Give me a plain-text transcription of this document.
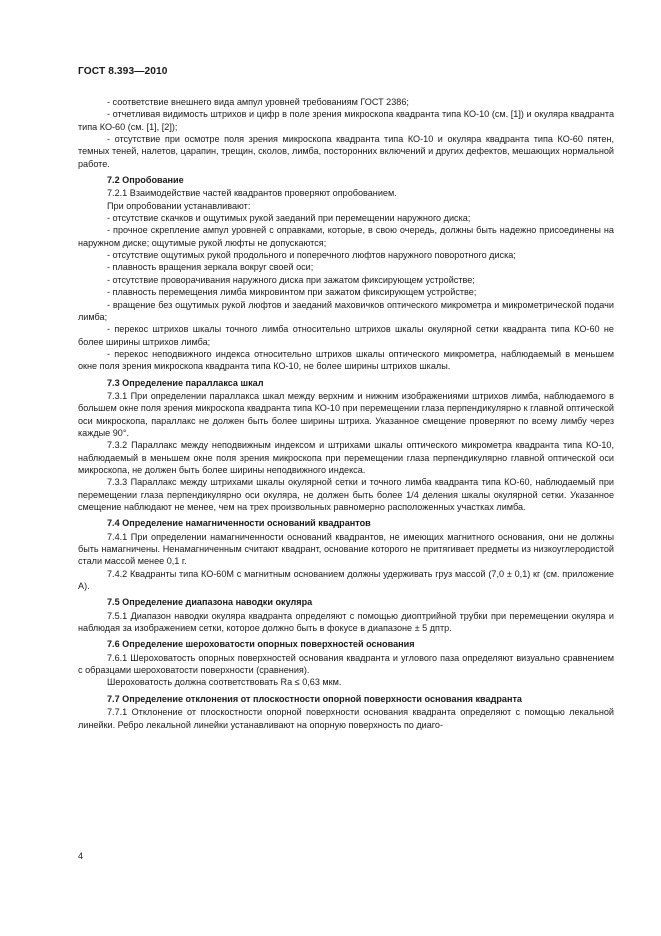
ГОСТ 8.393—2010

- соответствие внешнего вида ампул уровней требованиям ГОСТ 2386;

- отчетливая видимость штрихов и цифр в поле зрения микроскопа квадранта типа КО-10 (см. [1]) и окуляра квадранта типа КО-60 (см. [1], [2]);

- отсутствие при осмотре поля зрения микроскопа квадранта типа КО-10 и окуляра квадранта типа КО-60 пятен, темных теней, налетов, царапин, трещин, сколов, лимба, посторонних включений и других дефектов, мешающих нормальной работе.

7.2 Опробование

7.2.1 Взаимодействие частей квадрантов проверяют опробованием.

При опробовании устанавливают:

- отсутствие скачков и ощутимых рукой заеданий при перемещении наружного диска;

- прочное скрепление ампул уровней с оправками, которые, в свою очередь, должны быть надежно присоединены на наружном диске; ощутимые рукой люфты не допускаются;

- отсутствие ощутимых рукой продольного и поперечного люфтов наружного поворотного диска;

- плавность вращения зеркала вокруг своей оси;

- отсутствие проворачивания наружного диска при зажатом фиксирующем устройстве;

- плавность перемещения лимба микровинтом при зажатом фиксирующем устройстве;

- вращение без ощутимых рукой люфтов и заеданий маховичков оптического микрометра и микрометрической подачи лимба;

- перекос штрихов шкалы точного лимба относительно штрихов шкалы окулярной сетки квадранта типа КО-60 не более ширины штрихов лимба;

- перекос неподвижного индекса относительно штрихов шкалы оптического микрометра, наблюдаемый в меньшем окне поля зрения микроскопа квадранта типа КО-10, не более ширины штрихов шкалы.

7.3 Определение параллакса шкал

7.3.1 При определении параллакса шкал между верхним и нижним изображениями штрихов лимба, наблюдаемого в большем окне поля зрения микроскопа квадранта типа КО-10 при перемещении глаза перпендикулярно к главной оптической оси микроскопа, параллакс не должен быть более ширины штриха. Указанное смещение проверяют по всему лимбу через каждые 90°.

7.3.2 Параллакс между неподвижным индексом и штрихами шкалы оптического микрометра квадранта типа КО-10, наблюдаемый в меньшем окне поля зрения микроскопа при перемещении глаза перпендикулярно главной оптической оси микроскопа, не должен быть более ширины неподвижного индекса.

7.3.3 Параллакс между штрихами шкалы окулярной сетки и точного лимба квадранта типа КО-60, наблюдаемый при перемещении глаза перпендикулярно оси окуляра, не должен быть более 1/4 деления шкалы окулярной сетки. Указанное смещение наблюдают не менее, чем на трех произвольных равномерно расположенных участках лимба.

7.4 Определение намагниченности оснований квадрантов

7.4.1 При определении намагниченности оснований квадрантов, не имеющих магнитного основания, они не должны быть намагничены. Ненамагниченным считают квадрант, основание которого не притягивает предметы из низкоуглеродистой стали массой менее 0,1 г.

7.4.2 Квадранты типа КО-60М с магнитным основанием должны удерживать груз массой (7,0 ± 0,1) кг (см. приложение А).

7.5 Определение диапазона наводки окуляра

7.5.1 Диапазон наводки окуляра квадранта определяют с помощью диоптрийной трубки при перемещении окуляра и наблюдая за изображением сетки, которое должно быть в фокусе в диапазоне ± 5 дптр.

7.6 Определение шероховатости опорных поверхностей основания

7.6.1 Шероховатость опорных поверхностей основания квадранта и углового паза определяют визуально сравнением с образцами шероховатости поверхности (сравнения).

Шероховатость должна соответствовать Ra ≤ 0,63 мкм.

7.7 Определение отклонения от плоскостности опорной поверхности основания квадранта

7.7.1 Отклонение от плоскостности опорной поверхности основания квадранта определяют с помощью лекальной линейки. Ребро лекальной линейки устанавливают на опорную поверхность по диаго-

4
